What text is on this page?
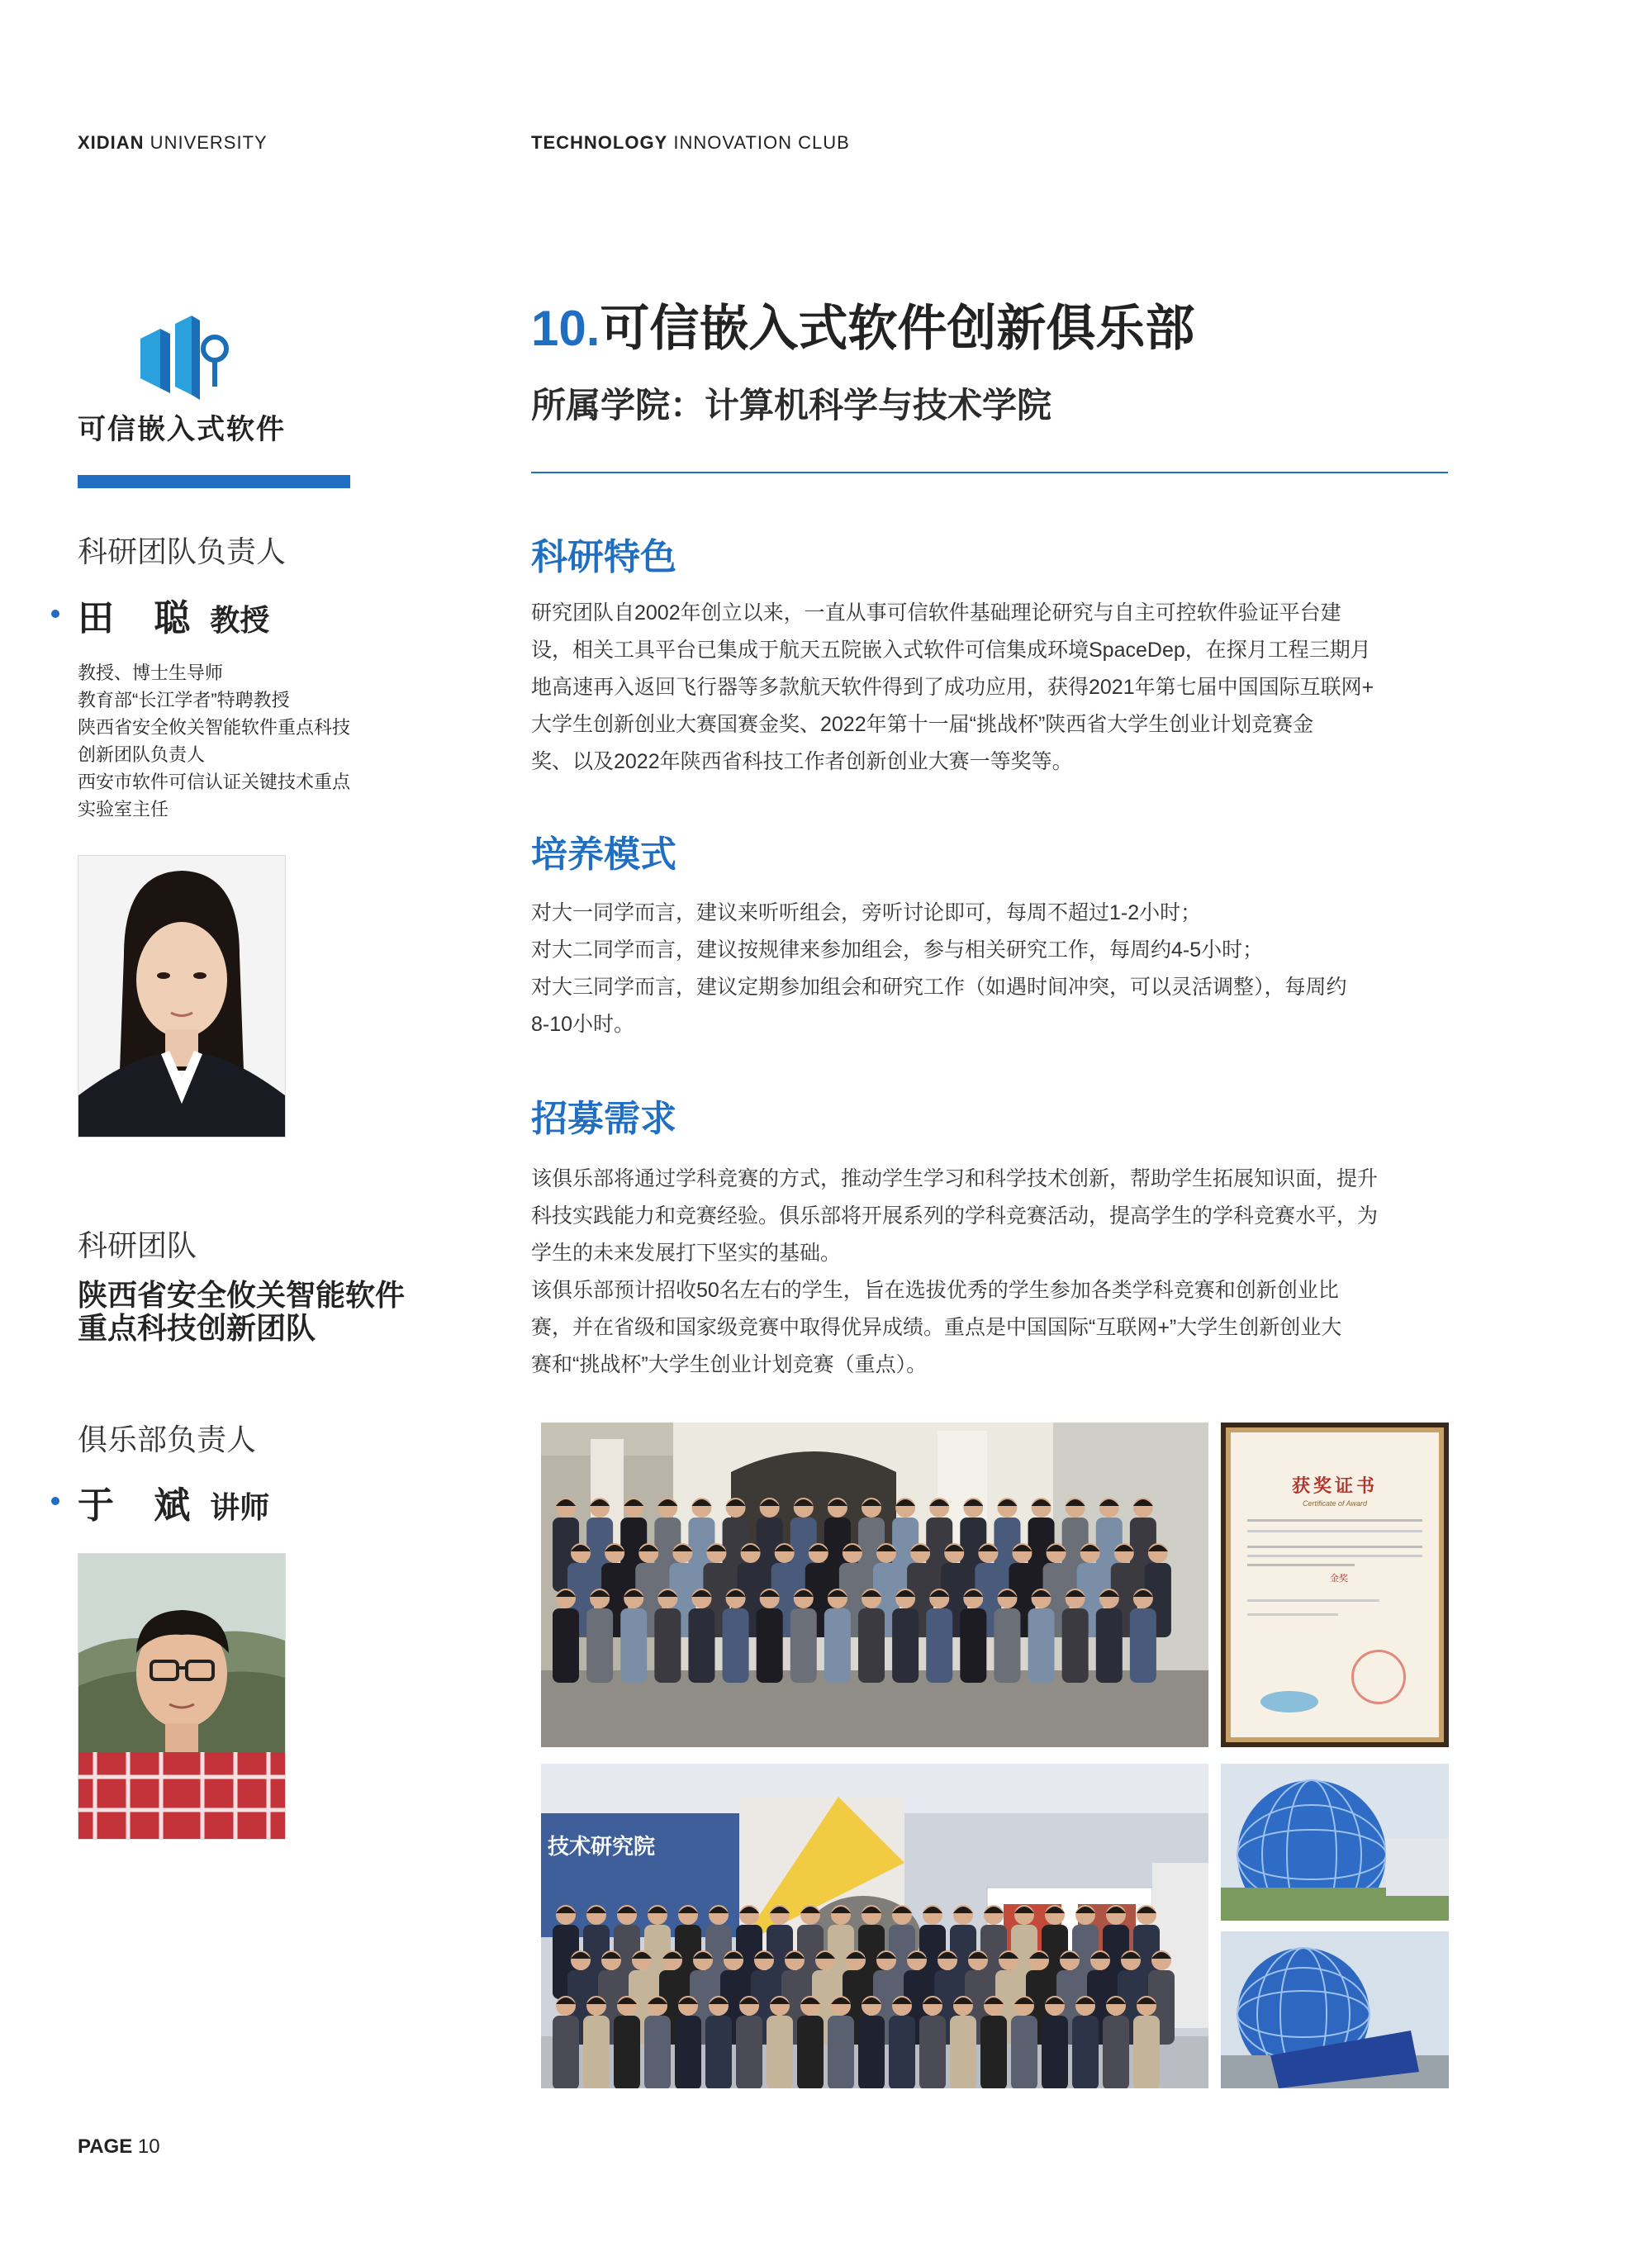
XIDIAN UNIVERSITY	TECHNOLOGY INNOVATION CLUB
可信嵌入式软件
科研团队负责人
田 聪 教授
教授、博士生导师
教育部“长江学者”特聘教授
陕西省安全攸关智能软件重点科技
创新团队负责人
西安市软件可信认证关键技术重点
实验室主任
科研团队
陕西省安全攸关智能软件
重点科技创新团队
俱乐部负责人
于 斌 讲师
10.可信嵌入式软件创新俱乐部
所属学院：计算机科学与技术学院
科研特色
研究团队自2002年创立以来，一直从事可信软件基础理论研究与自主可控软件验证平台建
设，相关工具平台已集成于航天五院嵌入式软件可信集成环境SpaceDep，在探月工程三期月
地高速再入返回飞行器等多款航天软件得到了成功应用，获得2021年第七届中国国际互联网+
大学生创新创业大赛国赛金奖、2022年第十一届“挑战杯”陕西省大学生创业计划竞赛金
奖、以及2022年陕西省科技工作者创新创业大赛一等奖等。
培养模式
对大一同学而言，建议来听听组会，旁听讨论即可，每周不超过1-2小时；
对大二同学而言，建议按规律来参加组会，参与相关研究工作，每周约4-5小时；
对大三同学而言，建议定期参加组会和研究工作（如遇时间冲突，可以灵活调整），每周约
8-10小时。
招募需求
该俱乐部将通过学科竞赛的方式，推动学生学习和科学技术创新，帮助学生拓展知识面，提升
科技实践能力和竞赛经验。俱乐部将开展系列的学科竞赛活动，提高学生的学科竞赛水平，为
学生的未来发展打下坚实的基础。
该俱乐部预计招收50名左右的学生，旨在选拔优秀的学生参加各类学科竞赛和创新创业比
赛，并在省级和国家级竞赛中取得优异成绩。重点是中国国际“互联网+”大学生创新创业大
赛和“挑战杯”大学生创业计划竞赛（重点）。
获奖证书
Certificate of Award
金奖
技术研究院
PAGE 10
